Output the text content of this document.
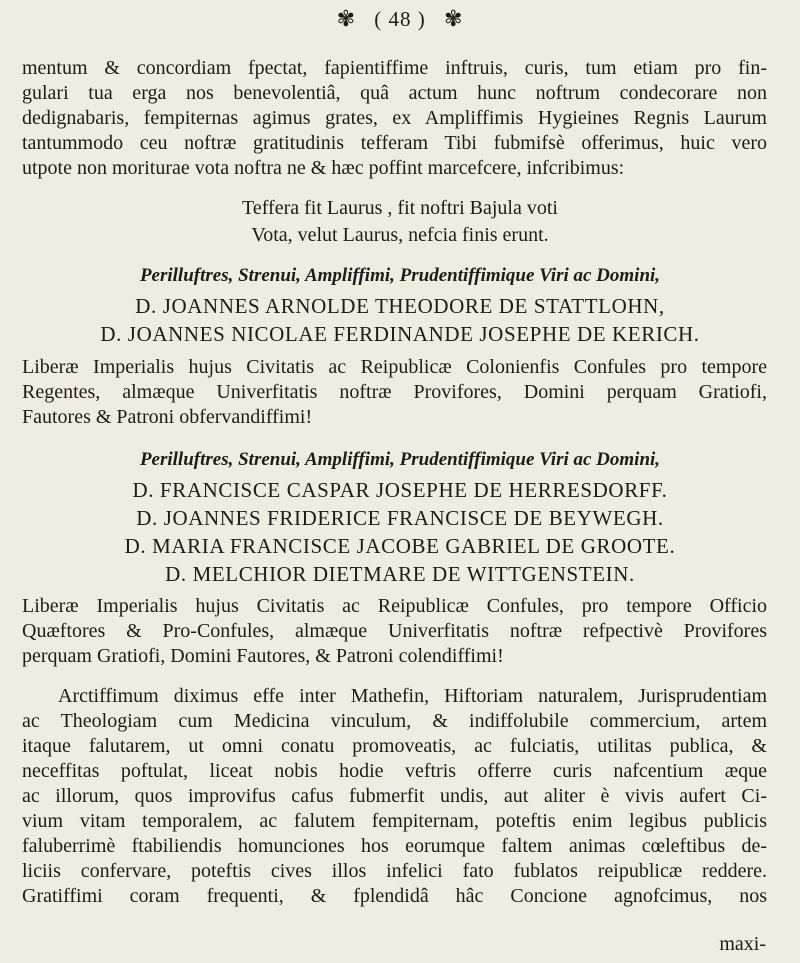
✾ ( 48 ) ✾
mentum & concordiam fpectat, fapientiffime inftruis, curis, tum etiam pro fin-
gulari tua erga nos benevolentiâ, quâ actum hunc noftrum condecorare non
dedignabaris, fempiternas agimus grates, ex Ampliffimis Hygieines Regnis Laurum
tantummodo ceu noftræ gratitudinis tefferam Tibi fubmifsè offerimus, huic vero
utpote non moriturae vota noftra ne & hæc poffint marcefcere, infcribimus:
Teffera fit Laurus , fit noftri Bajula voti
Vota, velut Laurus, nefcia finis erunt.
Perilluftres, Strenui, Ampliffimi, Prudentiffimique Viri ac Domini,
D. JOANNES ARNOLDE THEODORE DE STATTLOHN,
D. JOANNES NICOLAE FERDINANDE JOSEPHE DE KERICH.
Liberæ Imperialis hujus Civitatis ac Reipublicæ Colonienfis Confules pro tempore
Regentes, almæque Univerfitatis noftræ Provifores, Domini perquam Gratiofi,
Fautores & Patroni obfervandiffimi!
Perilluftres, Strenui, Ampliffimi, Prudentiffimique Viri ac Domini,
D. FRANCISCE CASPAR JOSEPHE DE HERRESDORFF.
D. JOANNES FRIDERICE FRANCISCE DE BEYWEGH.
D. MARIA FRANCISCE JACOBE GABRIEL DE GROOTE.
D. MELCHIOR DIETMARE DE WITTGENSTEIN.
Liberæ Imperialis hujus Civitatis ac Reipublicæ Confules, pro tempore Officio
Quæftores & Pro-Confules, almæque Univerfitatis noftræ refpectivè Provifores
perquam Gratiofi, Domini Fautores, & Patroni colendiffimi!
Arctiffimum diximus effe inter Mathefin, Hiftoriam naturalem, Jurisprudentiam
ac Theologiam cum Medicina vinculum, & indiffolubile commercium, artem
itaque falutarem, ut omni conatu promoveatis, ac fulciatis, utilitas publica, &
neceffitas poftulat, liceat nobis hodie veftris offerre curis nafcentium æque
ac illorum, quos improvifus cafus fubmerfit undis, aut aliter è vivis aufert Ci-
vium vitam temporalem, ac falutem fempiternam, poteftis enim legibus publicis
faluberrimè ftabiliendis homunciones hos eorumque faltem animas cœleftibus de-
liciis confervare, poteftis cives illos infelici fato fublatos reipublicæ reddere.
Gratiffimi coram frequenti, & fplendidâ hâc Concione agnofcimus, nos
maxi-
